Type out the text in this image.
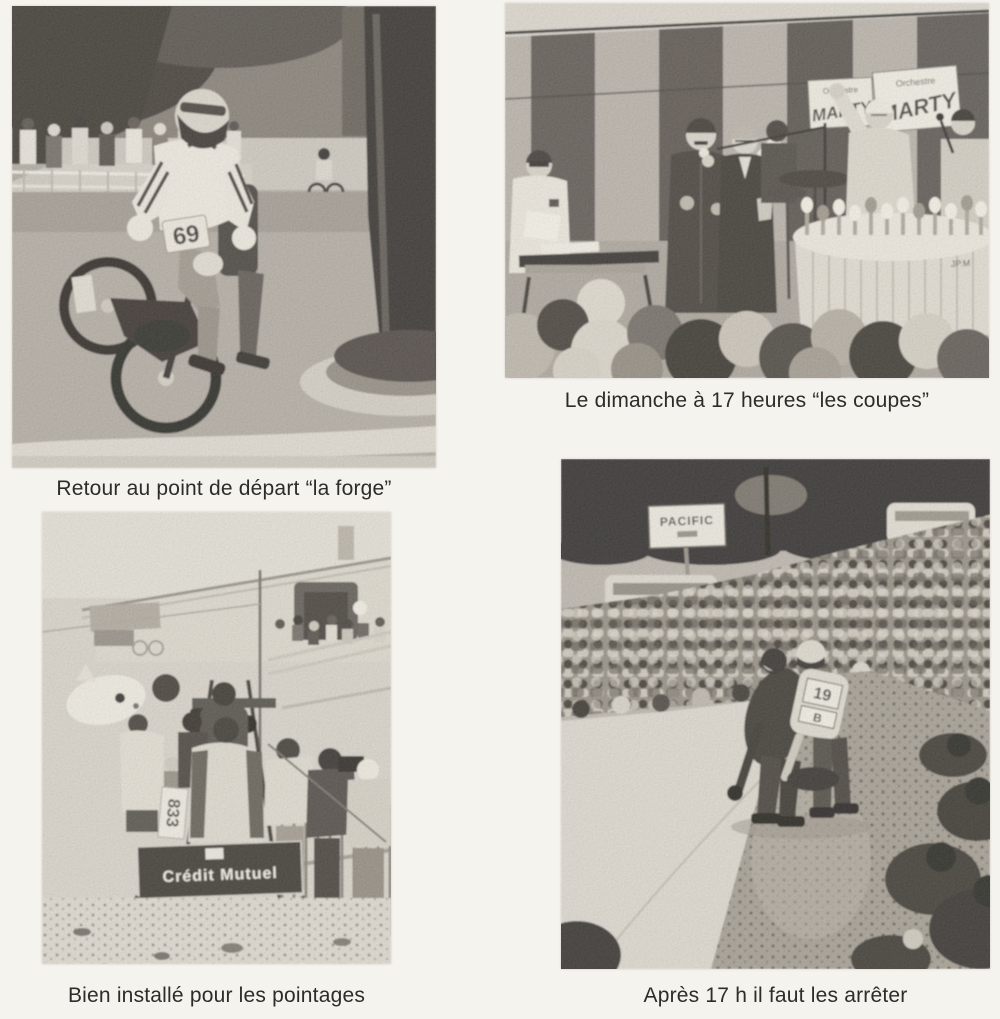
Retour au point de départ “la forge”
Le dimanche à 17 heures “les coupes”
Bien installé pour les pointages	Après 17 h il faut les arrêter
